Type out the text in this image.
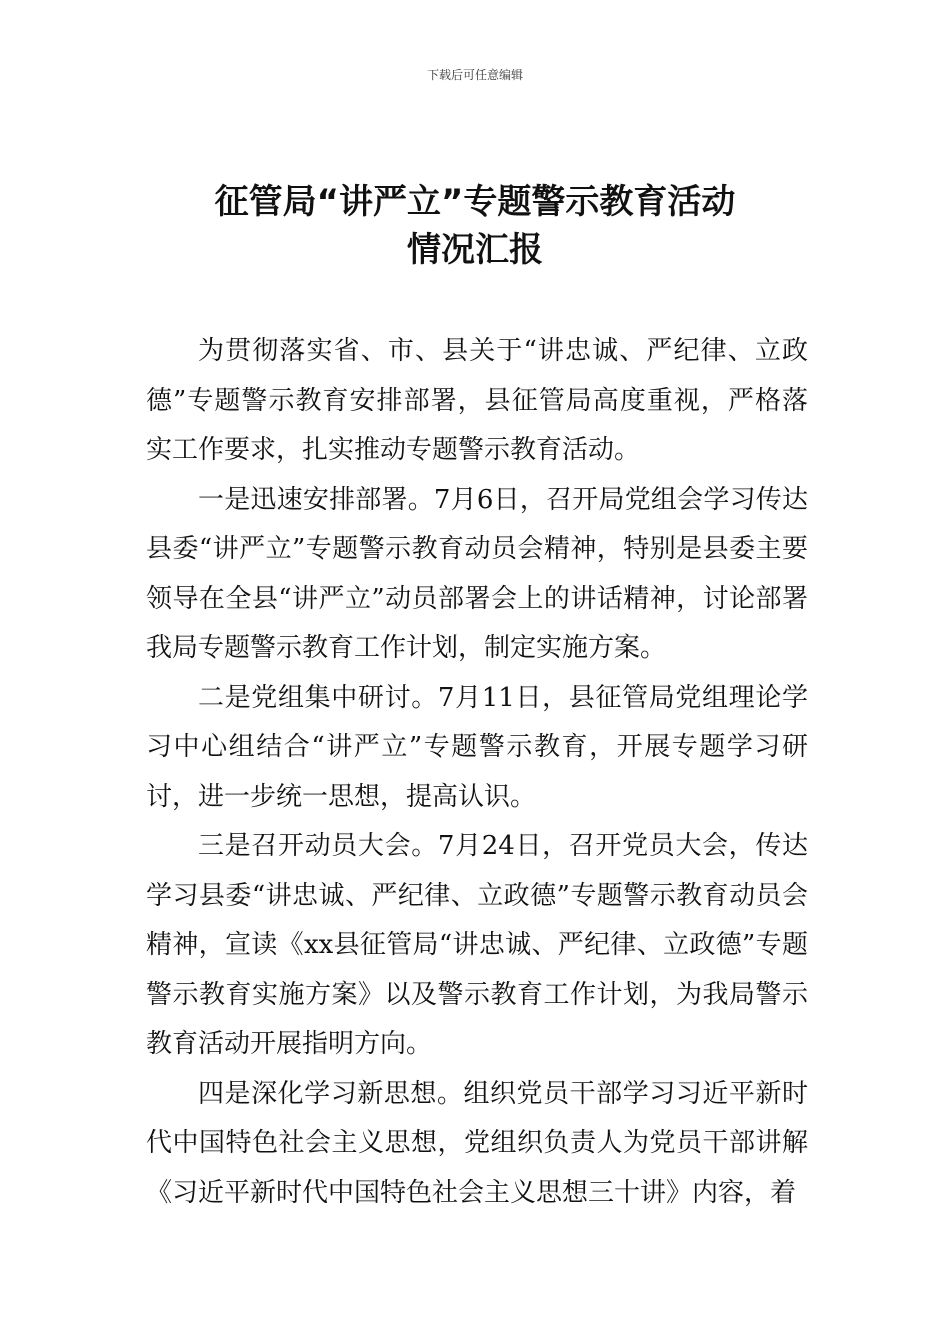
下载后可任意编辑
征管局“讲严立”专题警示教育活动
情况汇报

为贯彻落实省、市、县关于“讲忠诚、严纪律、立政德”专题警示教育安排部署，县征管局高度重视，严格落实工作要求，扎实推动专题警示教育活动。

一是迅速安排部署。7月6日，召开局党组会学习传达县委“讲严立”专题警示教育动员会精神，特别是县委主要领导在全县“讲严立”动员部署会上的讲话精神，讨论部署我局专题警示教育工作计划，制定实施方案。

二是党组集中研讨。7月11日，县征管局党组理论学习中心组结合“讲严立”专题警示教育，开展专题学习研讨，进一步统一思想，提高认识。

三是召开动员大会。7月24日，召开党员大会，传达学习县委“讲忠诚、严纪律、立政德”专题警示教育动员会精神，宣读《xx县征管局“讲忠诚、严纪律、立政德”专题警示教育实施方案》以及警示教育工作计划，为我局警示教育活动开展指明方向。

四是深化学习新思想。组织党员干部学习习近平新时代中国特色社会主义思想，党组织负责人为党员干部讲解《习近平新时代中国特色社会主义思想三十讲》内容，着
